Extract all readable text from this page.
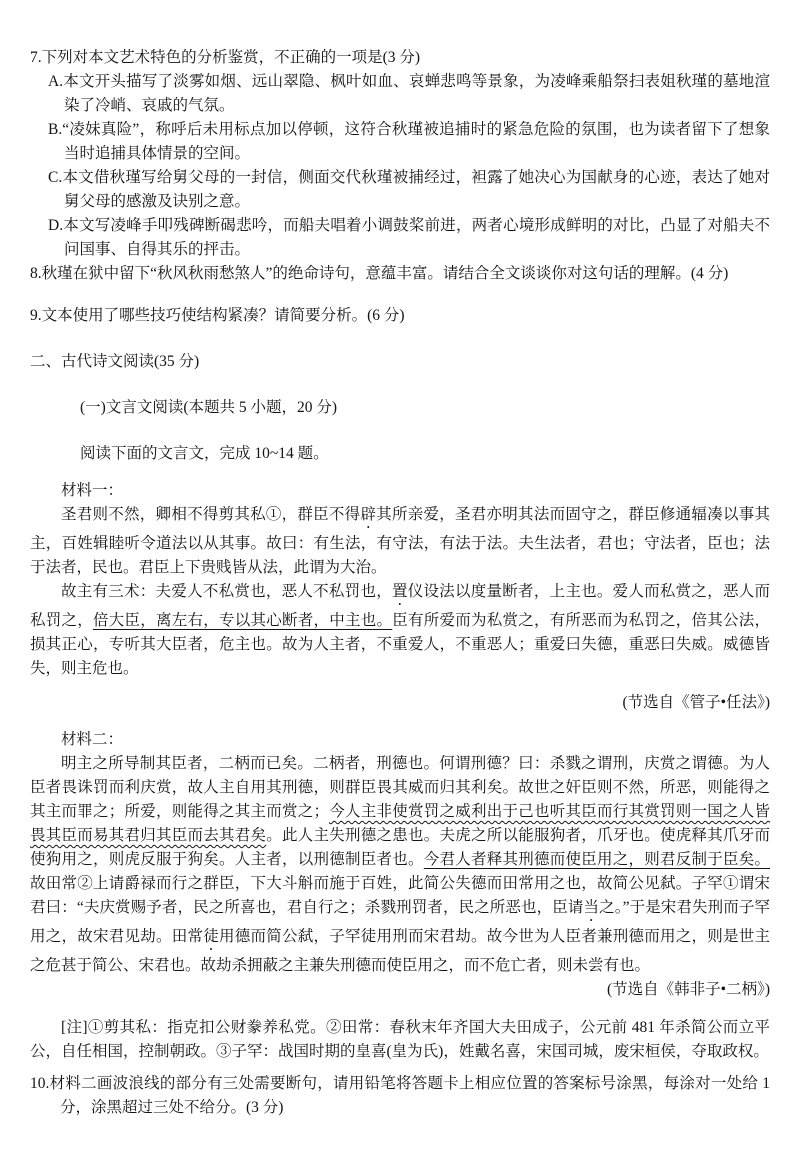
7.下列对本文艺术特色的分析鉴赏，不正确的一项是(3 分)
A.本文开头描写了淡雾如烟、远山翠隐、枫叶如血、哀蝉悲鸣等景象，为凌峰乘船祭扫表姐秋瑾的墓地渲染了冷峭、哀戚的气氛。
B.“凌妹真险”，称呼后未用标点加以停顿，这符合秋瑾被追捕时的紧急危险的氛围，也为读者留下了想象当时追捕具体情景的空间。
C.本文借秋瑾写给舅父母的一封信，侧面交代秋瑾被捕经过，袒露了她决心为国献身的心迹，表达了她对舅父母的感激及诀别之意。
D.本文写凌峰手叩残碑断碣悲吟，而船夫唱着小调鼓桨前进，两者心境形成鲜明的对比，凸显了对船夫不问国事、自得其乐的抨击。
8.秋瑾在狱中留下“秋风秋雨愁煞人”的绝命诗句，意蕴丰富。请结合全文谈谈你对这句话的理解。(4 分)
9.文本使用了哪些技巧使结构紧凑？请简要分析。(6 分)
二、古代诗文阅读(35 分)
(一)文言文阅读(本题共 5 小题，20 分)
阅读下面的文言文，完成 10~14 题。
材料一：
圣君则不然，卿相不得剪其私①，群臣不得辟其所亲爱，圣君亦明其法而固守之，群臣修通辐凑以事其主，百姓辑睦听令道法以从其事。故曰：有生法，有守法，有法于法。夫生法者，君也；守法者，臣也；法于法者，民也。君臣上下贵贱皆从法，此谓为大治。
故主有三术：夫爱人不私赏也，恶人不私罚也，置仪设法以度量断者，上主也。爱人而私赏之，恶人而私罚之，倍大臣，离左右，专以其心断者，中主也。臣有所爱而为私赏之，有所恶而为私罚之，倍其公法，损其正心，专听其大臣者，危主也。故为人主者，不重爱人，不重恶人；重爱曰失德，重恶曰失威。威德皆失，则主危也。
(节选自《管子•任法》)
材料二：
明主之所导制其臣者，二柄而已矣。二柄者，刑德也。何谓刑德？曰：杀戮之谓刑，庆赏之谓德。为人臣者畏诛罚而利庆赏，故人主自用其刑德，则群臣畏其威而归其利矣。故世之奸臣则不然，所恶，则能得之其主而罪之；所爱，则能得之其主而赏之；今人主非使赏罚之威利出于己也听其臣而行其赏罚则一国之人皆畏其臣而易其君归其臣而去其君矣。此人主失刑德之患也。夫虎之所以能服狗者，爪牙也。使虎释其爪牙而使狗用之，则虎反服于狗矣。人主者，以刑德制臣者也。今君人者释其刑德而使臣用之，则君反制于臣矣。故田常②上请爵禄而行之群臣，下大斗斛而施于百姓，此简公失德而田常用之也，故简公见弑。子罕①谓宋君曰：“夫庆赏赐予者，民之所喜也，君自行之；杀戮刑罚者，民之所恶也，臣请当之。”于是宋君失刑而子罕用之，故宋君见劫。田常徒用德而简公弑，子罕徒用刑而宋君劫。故今世为人臣者兼刑德而用之，则是世主之危甚于简公、宋君也。故劫杀拥蔽之主兼失刑德而使臣用之，而不危亡者，则未尝有也。
(节选自《韩非子•二柄》)
[注]①剪其私：指克扣公财豢养私党。②田常：春秋末年齐国大夫田成子，公元前 481 年杀简公而立平公，自任相国，控制朝政。③子罕：战国时期的皇喜(皇为氏)，姓戴名喜，宋国司城，废宋桓侯，夺取政权。
10.材料二画波浪线的部分有三处需要断句，请用铅笔将答题卡上相应位置的答案标号涂黑，每涂对一处给 1 分，涂黑超过三处不给分。(3 分)
